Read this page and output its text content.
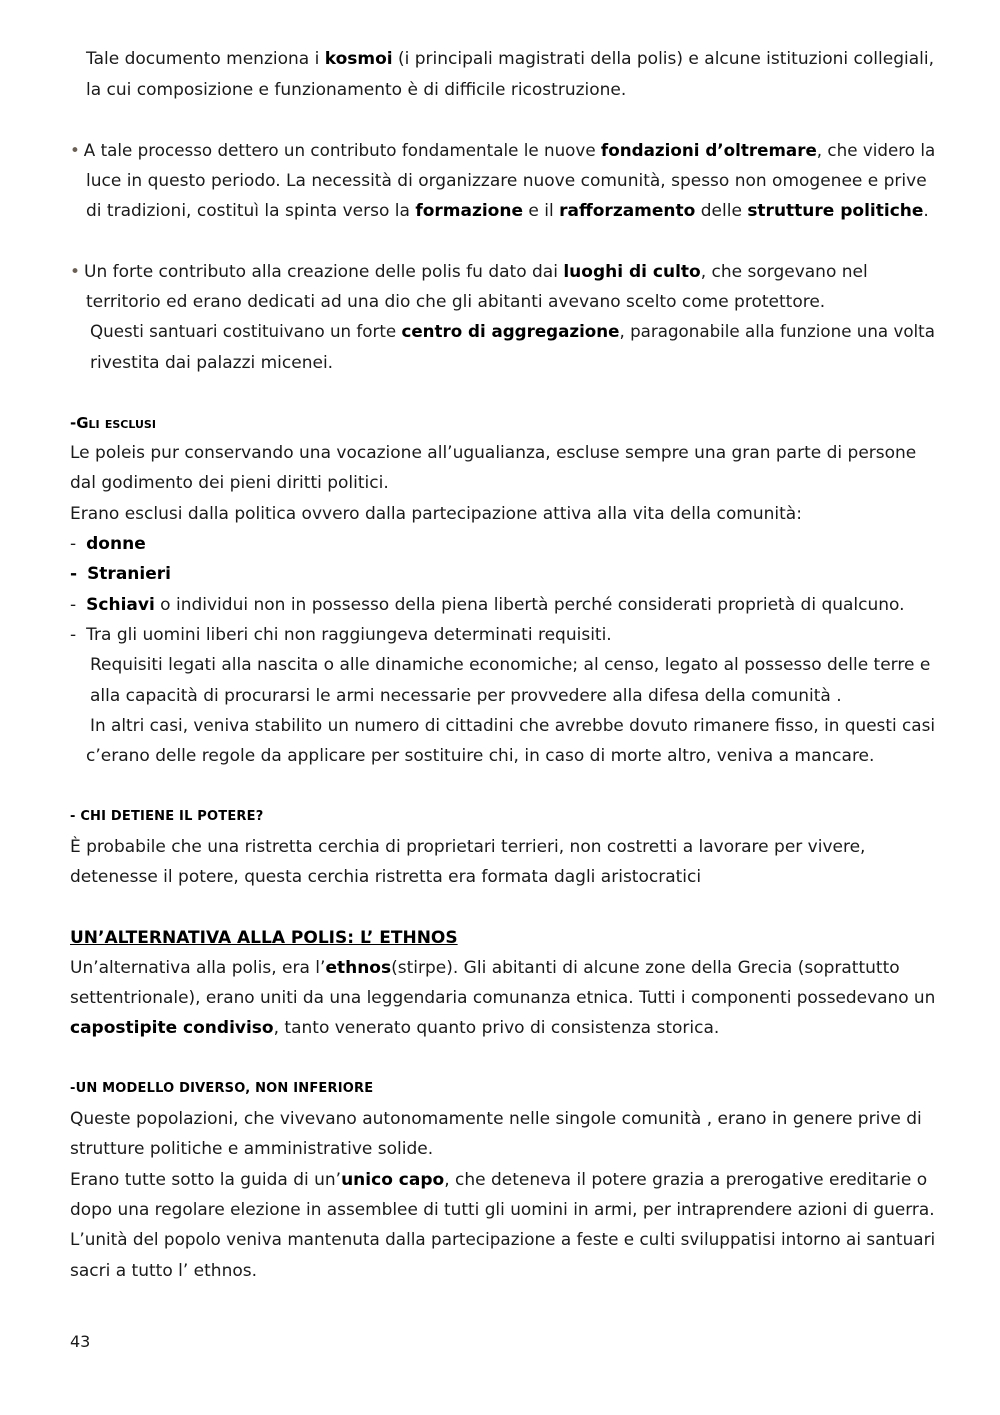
Tale documento menziona i kosmoi (i principali magistrati della polis) e alcune istituzioni collegiali,
la cui composizione e funzionamento è di difficile ricostruzione.
• A tale processo dettero un contributo fondamentale le nuove fondazioni d’oltremare, che videro la
luce in questo periodo. La necessità di organizzare nuove comunità, spesso non omogenee e prive
di tradizioni, costituì la spinta verso la formazione e il rafforzamento delle strutture politiche.
• Un forte contributo alla creazione delle polis fu dato dai luoghi di culto, che sorgevano nel
territorio ed erano dedicati ad una dio che gli abitanti avevano scelto come protettore.
Questi santuari costituivano un forte centro di aggregazione, paragonabile alla funzione una volta
rivestita dai palazzi micenei.
-Gli esclusi
Le poleis pur conservando una vocazione all’ugualianza, escluse sempre una gran parte di persone
dal godimento dei pieni diritti politici.
Erano esclusi dalla politica ovvero dalla partecipazione attiva alla vita della comunità:
- donne
- Stranieri
- Schiavi o individui non in possesso della piena libertà perché considerati proprietà di qualcuno.
- Tra gli uomini liberi chi non raggiungeva determinati requisiti.
Requisiti legati alla nascita o alle dinamiche economiche; al censo, legato al possesso delle terre e
alla capacità di procurarsi le armi necessarie per provvedere alla difesa della comunità .
In altri casi, veniva stabilito un numero di cittadini che avrebbe dovuto rimanere fisso, in questi casi
c’erano delle regole da applicare per sostituire chi, in caso di morte altro, veniva a mancare.
- CHI DETIENE IL POTERE?
È probabile che una ristretta cerchia di proprietari terrieri, non costretti a lavorare per vivere,
detenesse il potere, questa cerchia ristretta era formata dagli aristocratici
UN’ALTERNATIVA ALLA POLIS: L’ ETHNOS
Un’alternativa alla polis, era l’ethnos(stirpe). Gli abitanti di alcune zone della Grecia (soprattutto
settentrionale), erano uniti da una leggendaria comunanza etnica. Tutti i componenti possedevano un
capostipite condiviso, tanto venerato quanto privo di consistenza storica.
-UN MODELLO DIVERSO, NON INFERIORE
Queste popolazioni, che vivevano autonomamente nelle singole comunità , erano in genere prive di
strutture politiche e amministrative solide.
Erano tutte sotto la guida di un’unico capo, che deteneva il potere grazia a prerogative ereditarie o
dopo una regolare elezione in assemblee di tutti gli uomini in armi, per intraprendere azioni di guerra.
L’unità del popolo veniva mantenuta dalla partecipazione a feste e culti sviluppatisi intorno ai santuari
sacri a tutto l’ ethnos.
43
